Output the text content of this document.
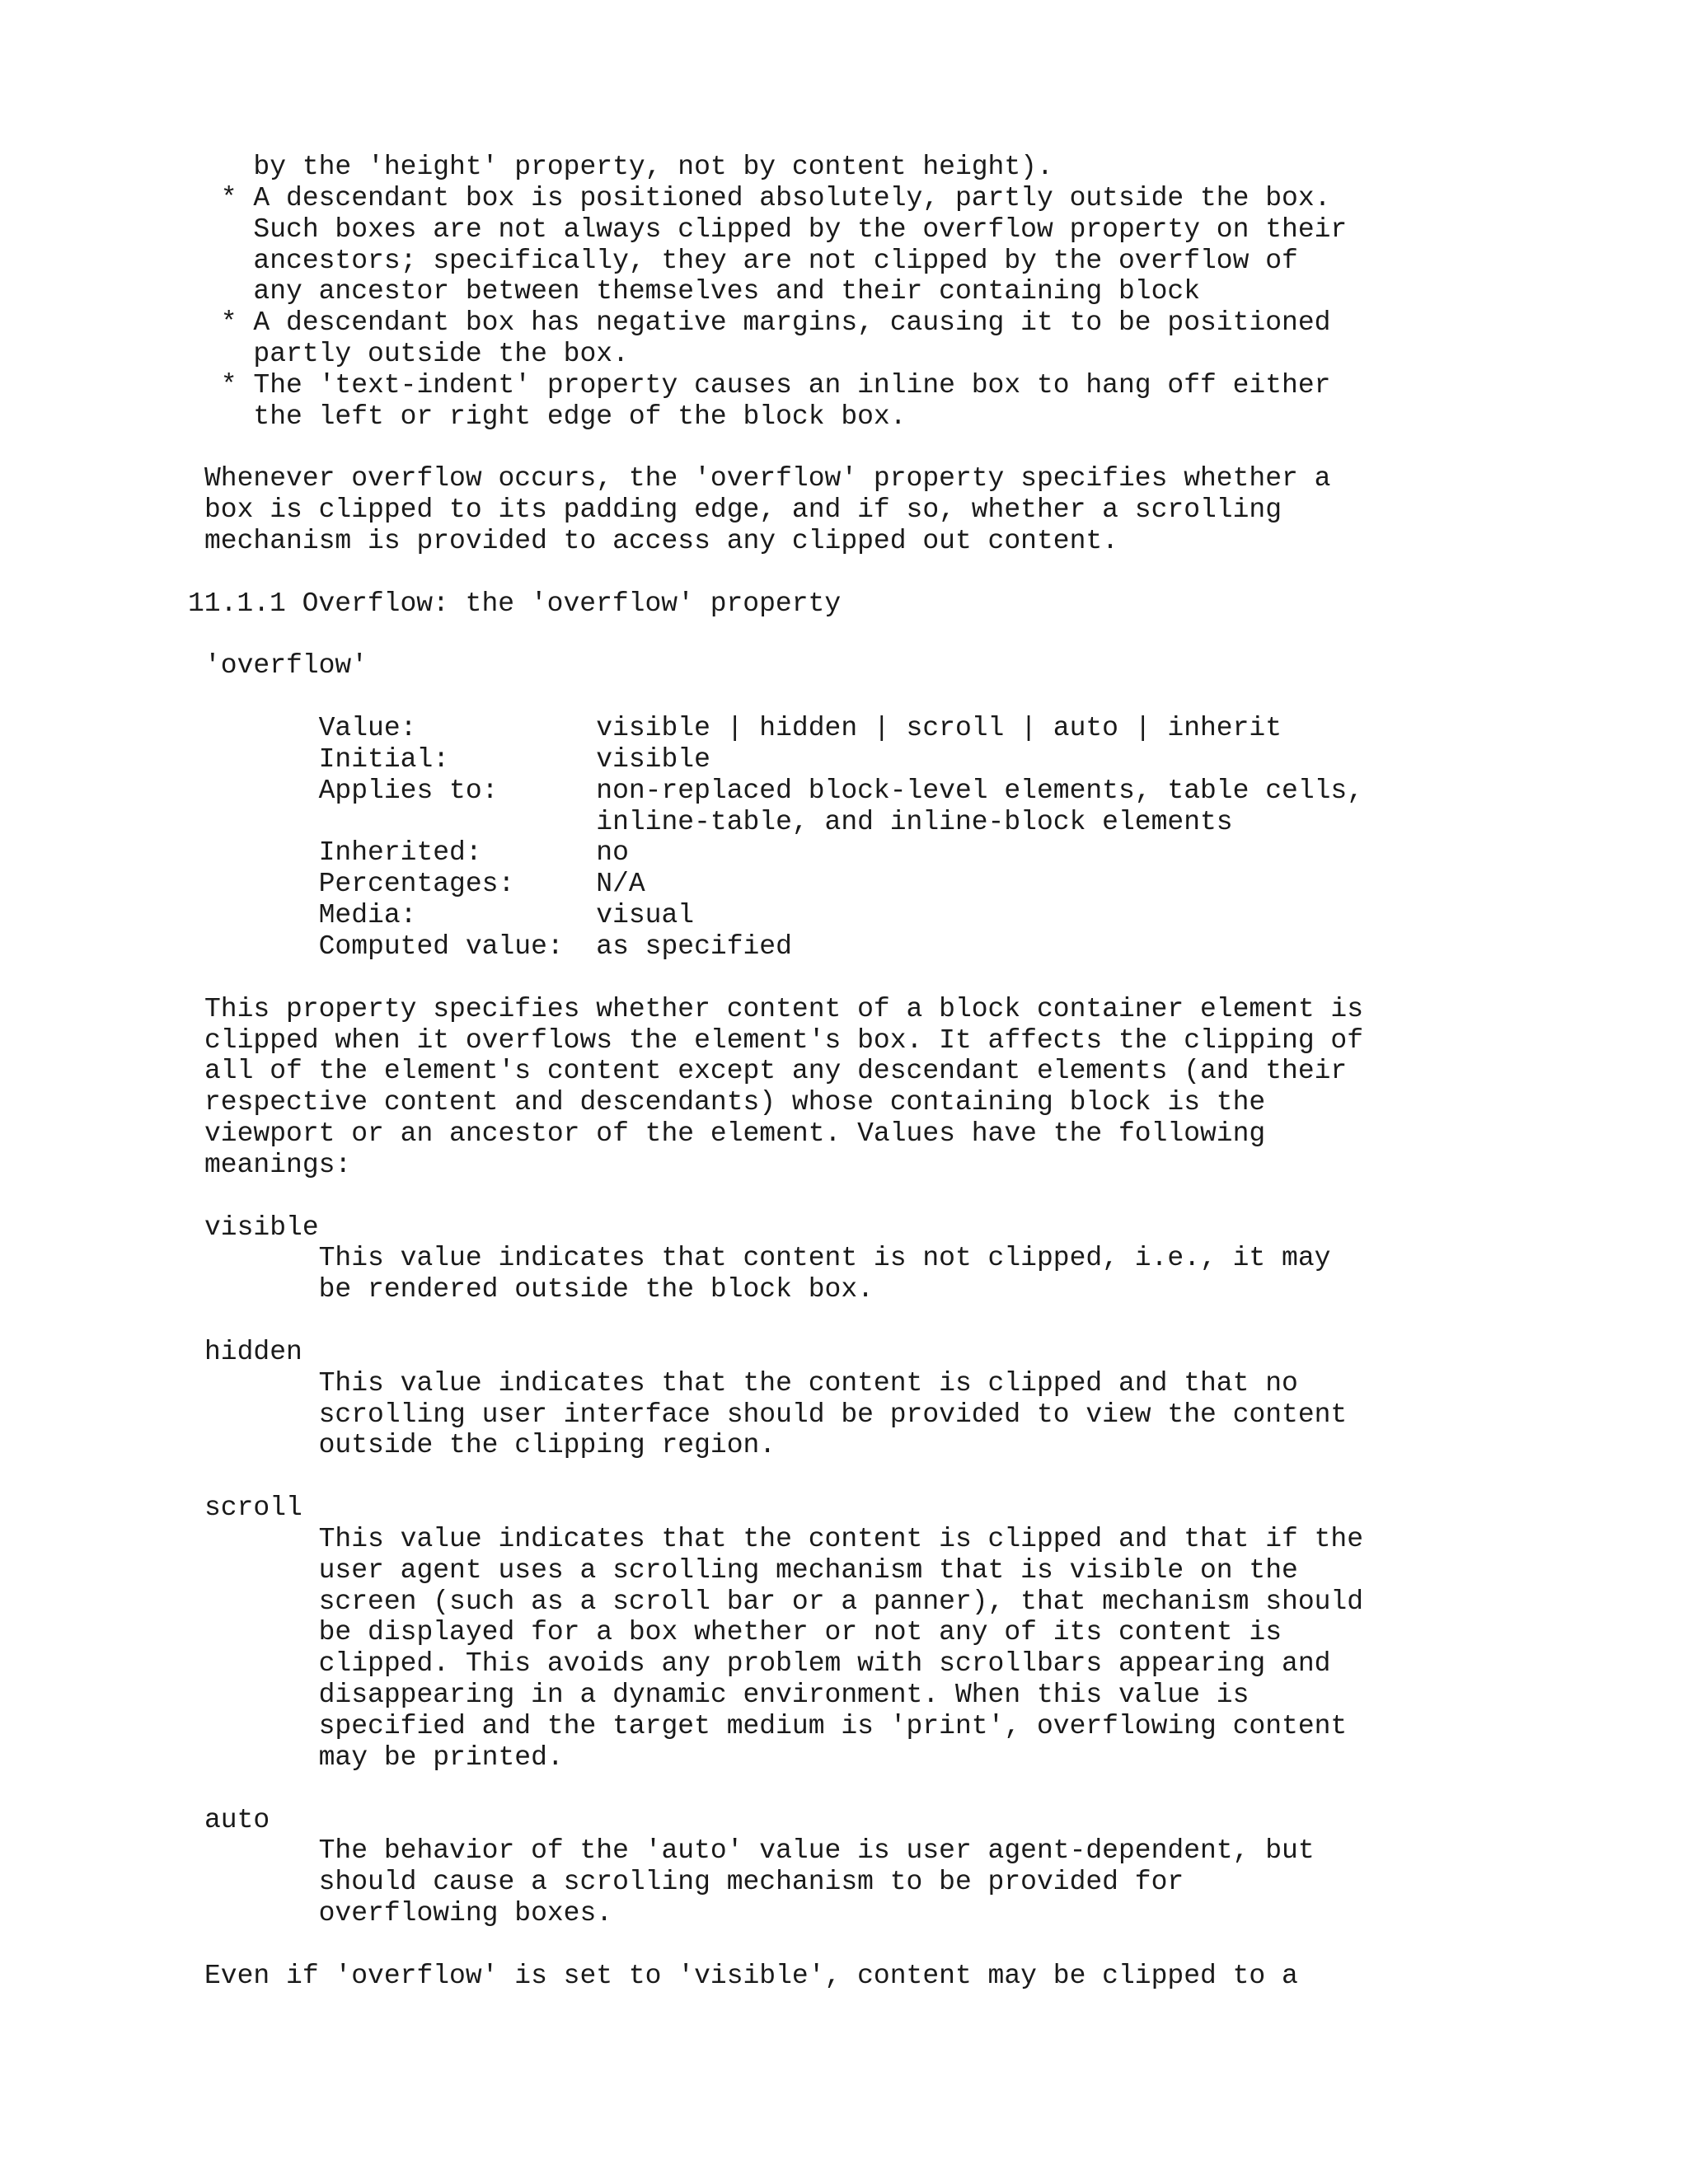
by the 'height' property, not by content height).
* A descendant box is positioned absolutely, partly outside the box.
Such boxes are not always clipped by the overflow property on their
ancestors; specifically, they are not clipped by the overflow of
any ancestor between themselves and their containing block
* A descendant box has negative margins, causing it to be positioned
partly outside the box.
* The 'text-indent' property causes an inline box to hang off either
the left or right edge of the block box.
Whenever overflow occurs, the 'overflow' property specifies whether a
box is clipped to its padding edge, and if so, whether a scrolling
mechanism is provided to access any clipped out content.
11.1.1 Overflow: the 'overflow' property
'overflow'
Value:           visible | hidden | scroll | auto | inherit
Initial:         visible
Applies to:      non-replaced block-level elements, table cells,
inline-table, and inline-block elements
Inherited:       no
Percentages:     N/A
Media:           visual
Computed value:  as specified
This property specifies whether content of a block container element is
clipped when it overflows the element's box. It affects the clipping of
all of the element's content except any descendant elements (and their
respective content and descendants) whose containing block is the
viewport or an ancestor of the element. Values have the following
meanings:
visible
This value indicates that content is not clipped, i.e., it may
be rendered outside the block box.
hidden
This value indicates that the content is clipped and that no
scrolling user interface should be provided to view the content
outside the clipping region.
scroll
This value indicates that the content is clipped and that if the
user agent uses a scrolling mechanism that is visible on the
screen (such as a scroll bar or a panner), that mechanism should
be displayed for a box whether or not any of its content is
clipped. This avoids any problem with scrollbars appearing and
disappearing in a dynamic environment. When this value is
specified and the target medium is 'print', overflowing content
may be printed.
auto
The behavior of the 'auto' value is user agent-dependent, but
should cause a scrolling mechanism to be provided for
overflowing boxes.
Even if 'overflow' is set to 'visible', content may be clipped to a
